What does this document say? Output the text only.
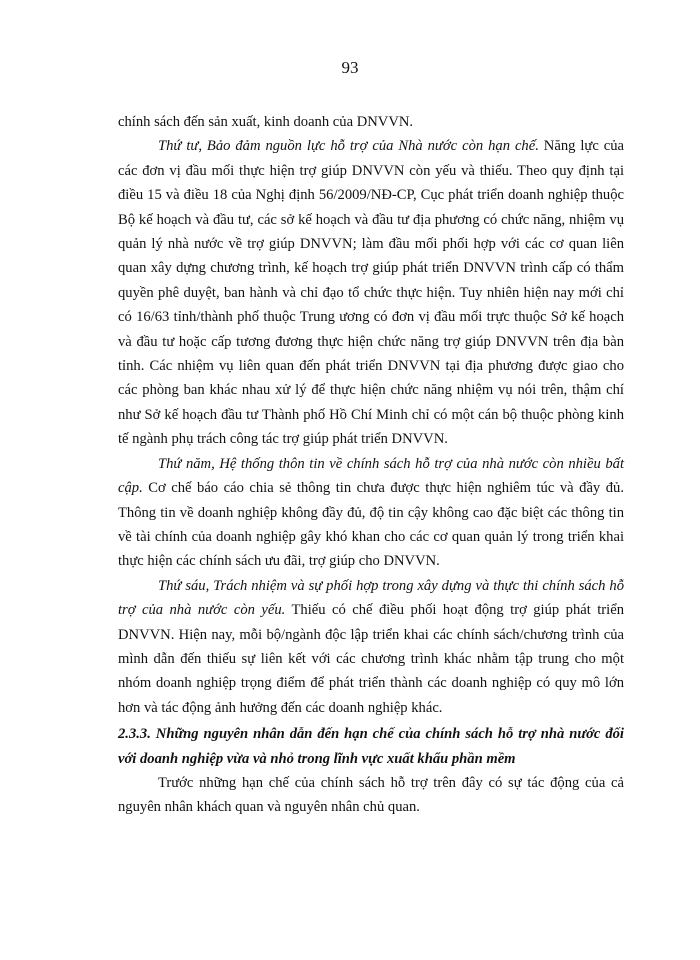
93

chính sách đến sản xuất, kinh doanh của DNVVN.

Thứ tư, Bảo đảm nguồn lực hỗ trợ của Nhà nước còn hạn chế. Năng lực của các đơn vị đầu mối thực hiện trợ giúp DNVVN còn yếu và thiếu. Theo quy định tại điều 15 và điều 18 của Nghị định 56/2009/NĐ-CP, Cục phát triển doanh nghiệp thuộc Bộ kế hoạch và đầu tư, các sở kế hoạch và đầu tư địa phương có chức năng, nhiệm vụ quản lý nhà nước về trợ giúp DNVVN; làm đầu mối phối hợp với các cơ quan liên quan xây dựng chương trình, kế hoạch trợ giúp phát triển DNVVN trình cấp có thẩm quyền phê duyệt, ban hành và chỉ đạo tổ chức thực hiện. Tuy nhiên hiện nay mới chỉ có 16/63 tỉnh/thành phố thuộc Trung ương có đơn vị đầu mối trực thuộc Sở kế hoạch và đầu tư hoặc cấp tương đương thực hiện chức năng trợ giúp DNVVN trên địa bàn tỉnh. Các nhiệm vụ liên quan đến phát triển DNVVN tại địa phương được giao cho các phòng ban khác nhau xử lý để thực hiện chức năng nhiệm vụ nói trên, thậm chí như Sở kế hoạch đầu tư Thành phố Hồ Chí Minh chỉ có một cán bộ thuộc phòng kinh tế ngành phụ trách công tác trợ giúp phát triển DNVVN.

Thứ năm, Hệ thống thôn tin về chính sách hỗ trợ của nhà nước còn nhiều bất cập. Cơ chế báo cáo chia sẻ thông tin chưa được thực hiện nghiêm túc và đầy đủ. Thông tin về doanh nghiệp không đầy đủ, độ tin cậy không cao đặc biệt các thông tin về tài chính của doanh nghiệp gây khó khan cho các cơ quan quản lý trong triển khai thực hiện các chính sách ưu đãi, trợ giúp cho DNVVN.

Thứ sáu, Trách nhiệm và sự phối hợp trong xây dựng và thực thi chính sách hỗ trợ của nhà nước còn yếu. Thiếu có chế điều phối hoạt động trợ giúp phát triển DNVVN. Hiện nay, mỗi bộ/ngành độc lập triển khai các chính sách/chương trình của mình dẫn đến thiếu sự liên kết với các chương trình khác nhằm tập trung cho một nhóm doanh nghiệp trọng điểm để phát triển thành các doanh nghiệp có quy mô lớn hơn và tác động ảnh hưởng đến các doanh nghiệp khác.

2.3.3. Những nguyên nhân dẫn đến hạn chế của chính sách hỗ trợ nhà nước đối với doanh nghiệp vừa và nhỏ trong lĩnh vực xuất khẩu phần mềm

Trước những hạn chế của chính sách hỗ trợ trên đây có sự tác động của cả nguyên nhân khách quan và nguyên nhân chủ quan.
